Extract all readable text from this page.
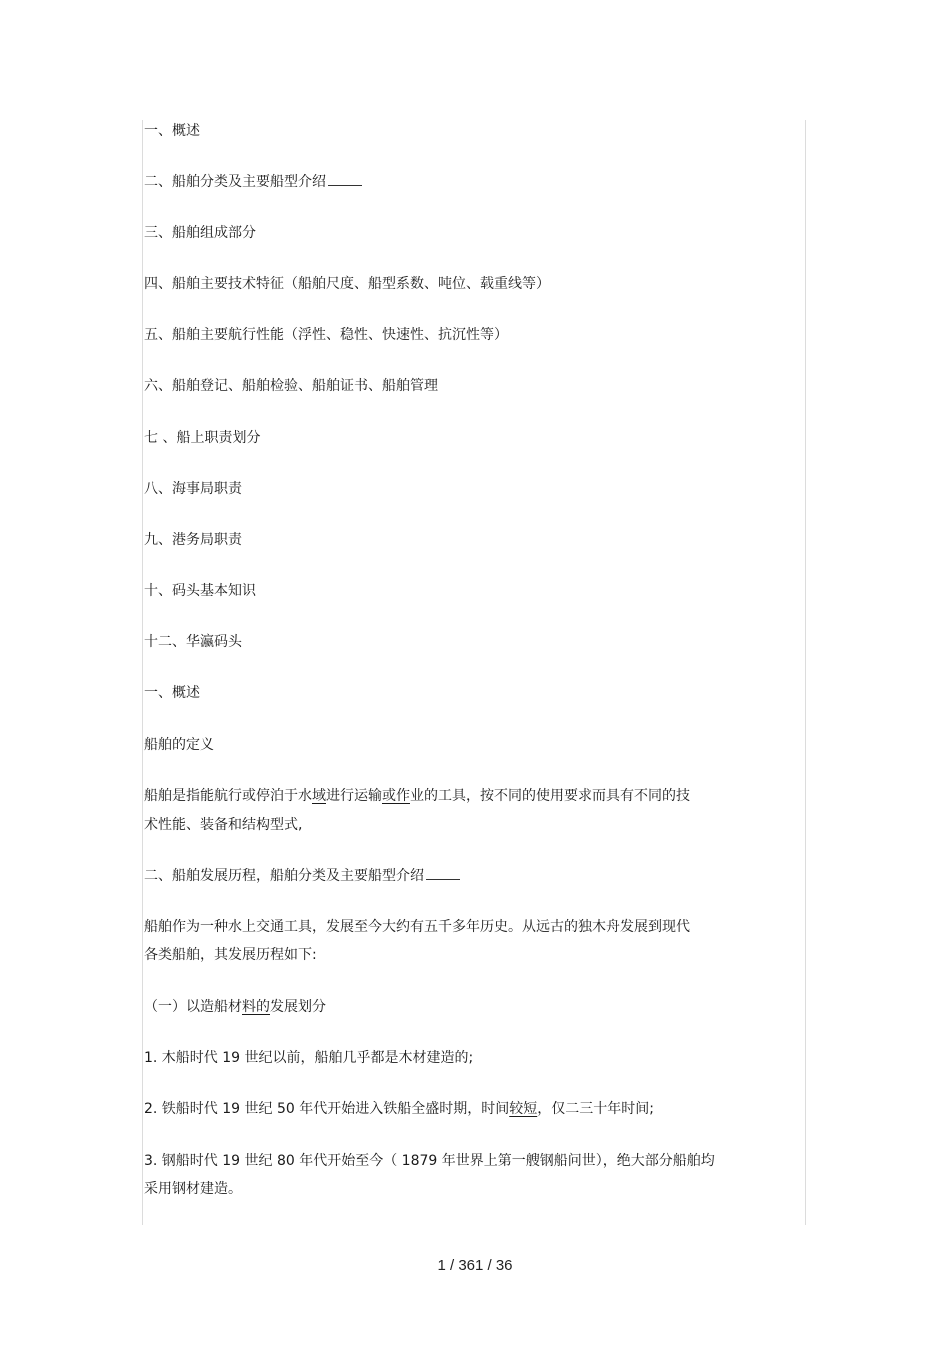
一、概述
二、船舶分类及主要船型介绍
三、船舶组成部分
四、船舶主要技术特征（船舶尺度、船型系数、吨位、载重线等）
五、船舶主要航行性能（浮性、稳性、快速性、抗沉性等）
六、船舶登记、船舶检验、船舶证书、船舶管理
七 、船上职责划分
八、海事局职责
九、港务局职责
十、码头基本知识
十二、华瀛码头
一、概述
船舶的定义
船舶是指能航行或停泊于水域进行运输或作业的工具，按不同的使用要求而具有不同的技
术性能、装备和结构型式,
二、船舶发展历程，船舶分类及主要船型介绍
船舶作为一种水上交通工具，发展至今大约有五千多年历史。从远古的独木舟发展到现代
各类船舶，其发展历程如下:
（一）以造船材料的发展划分
1. 木船时代 19 世纪以前，船舶几乎都是木材建造的;
2. 铁船时代 19 世纪 50 年代开始进入铁船全盛时期，时间较短，仅二三十年时间;
3. 钢船时代 19 世纪 80 年代开始至今（ 1879 年世界上第一艘钢船问世），绝大部分船舶均
采用钢材建造。
1 / 361 / 36
